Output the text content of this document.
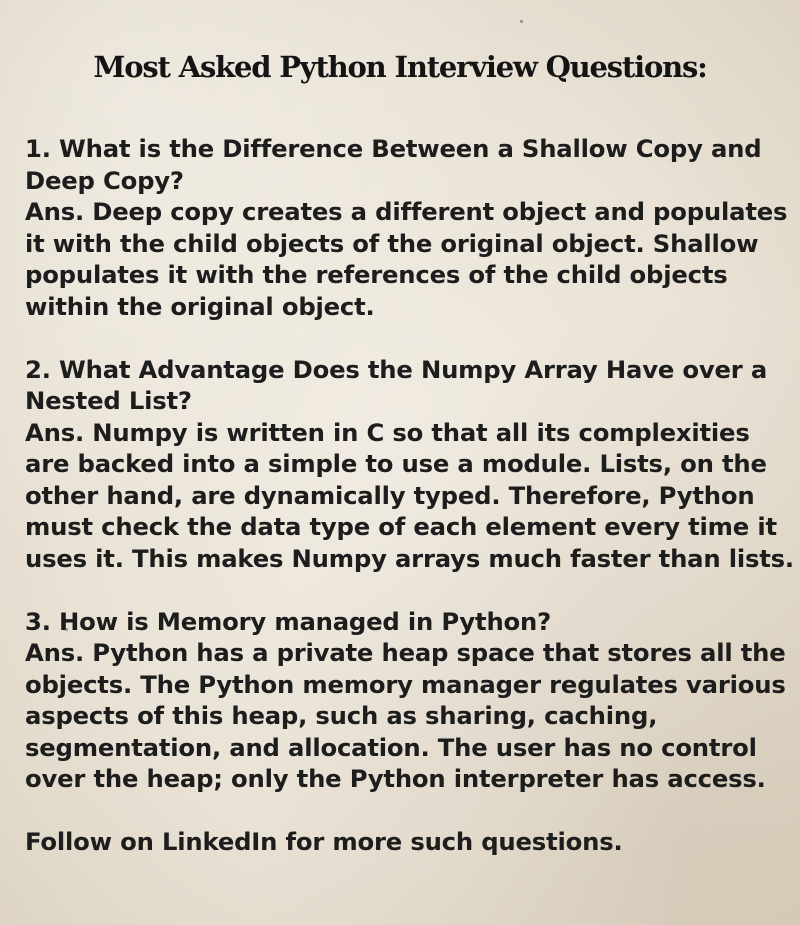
Most Asked Python Interview Questions:

1. What is the Difference Between a Shallow Copy and Deep Copy?

Ans. Deep copy creates a different object and populates it with the child objects of the original object. Shallow populates it with the references of the child objects within the original object.

2. What Advantage Does the Numpy Array Have over a Nested List?

Ans. Numpy is written in C so that all its complexities are backed into a simple to use a module. Lists, on the other hand, are dynamically typed. Therefore, Python must check the data type of each element every time it uses it. This makes Numpy arrays much faster than lists.

3. How is Memory managed in Python?

Ans. Python has a private heap space that stores all the objects. The Python memory manager regulates various aspects of this heap, such as sharing, caching, segmentation, and allocation. The user has no control over the heap; only the Python interpreter has access.

Follow on LinkedIn for more such questions.
